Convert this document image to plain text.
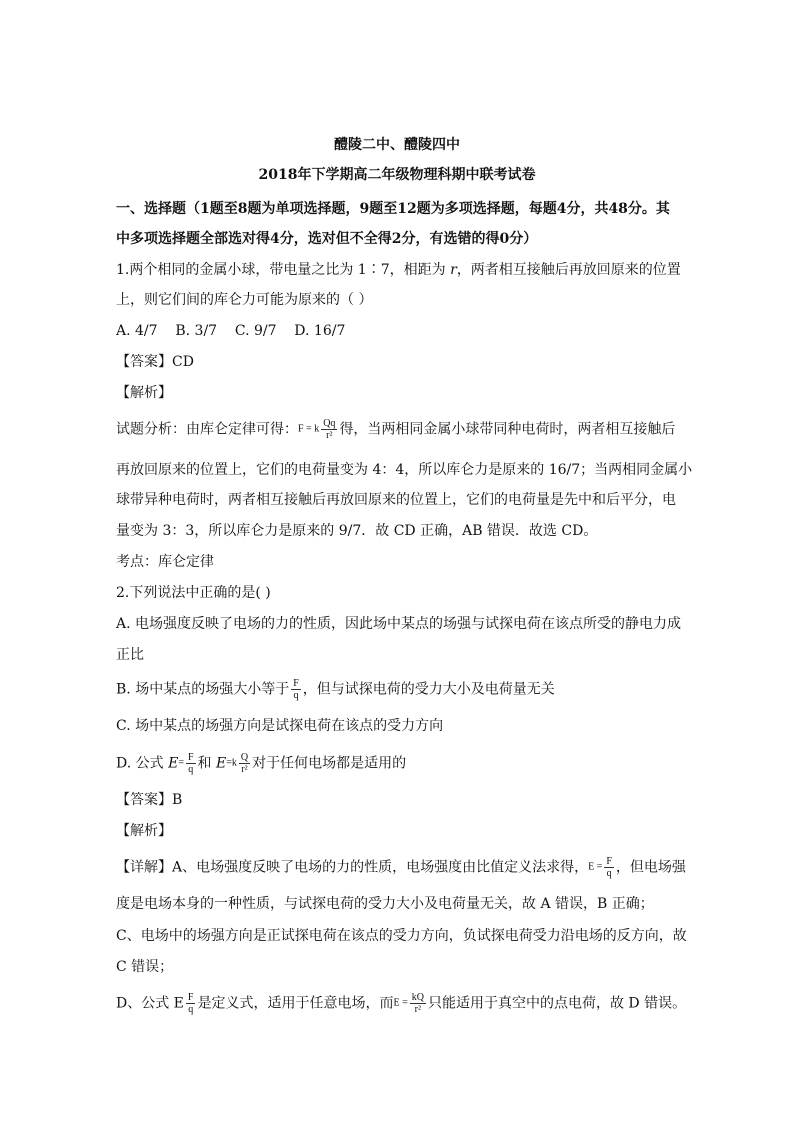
醴陵二中、醴陵四中
2018年下学期高二年级物理科期中联考试卷
一、选择题（1题至8题为单项选择题，9题至12题为多项选择题，每题4分，共48分。其
中多项选择题全部选对得4分，选对但不全得2分，有选错的得0分）
1.两个相同的金属小球，带电量之比为 1∶7，相距为 r，两者相互接触后再放回原来的位置
上，则它们间的库仑力可能为原来的（ ）
A. 4/7    B. 3/7    C. 9/7    D. 16/7
【答案】CD
【解析】
试题分析：由库仑定律可得：F = k $\frac{Qq}{\text{r²}}$ 得，当两相同金属小球带同种电荷时，两者相互接触后
再放回原来的位置上，它们的电荷量变为 4：4，所以库仑力是原来的 16/7；当两相同金属小
球带异种电荷时，两者相互接触后再放回原来的位置上，它们的电荷量是先中和后平分，电
量变为 3：3，所以库仑力是原来的 9/7．故 CD 正确，AB 错误．故选 CD。
考点：库仑定律
2.下列说法中正确的是( )
A. 电场强度反映了电场的力的性质，因此场中某点的场强与试探电荷在该点所受的静电力成
正比
B. 场中某点的场强大小等于 $\frac{F}{q}$ ，但与试探电荷的受力大小及电荷量无关
C. 场中某点的场强方向是试探电荷在该点的受力方向
D. 公式 $E= \frac{F}{q}$ 和 $E=k \frac{Q}{\text{r²}}$ 对于任何电场都是适用的
【答案】B
【解析】
【详解】A、电场强度反映了电场的力的性质，电场强度由比值定义法求得，$E = \frac{F}{q}$ ，但电场强
度是电场本身的一种性质，与试探电荷的受力大小及电荷量无关，故 A 错误，B 正确；
C、电场中的场强方向是正试探电荷在该点的受力方向，负试探电荷受力沿电场的反方向，故
C 错误；
D、公式 E $\frac{F}{q}$ 是定义式，适用于任意电场，而$E = \frac{kQ}{\text{r²}}$ 只能适用于真空中的点电荷，故 D 错误。
